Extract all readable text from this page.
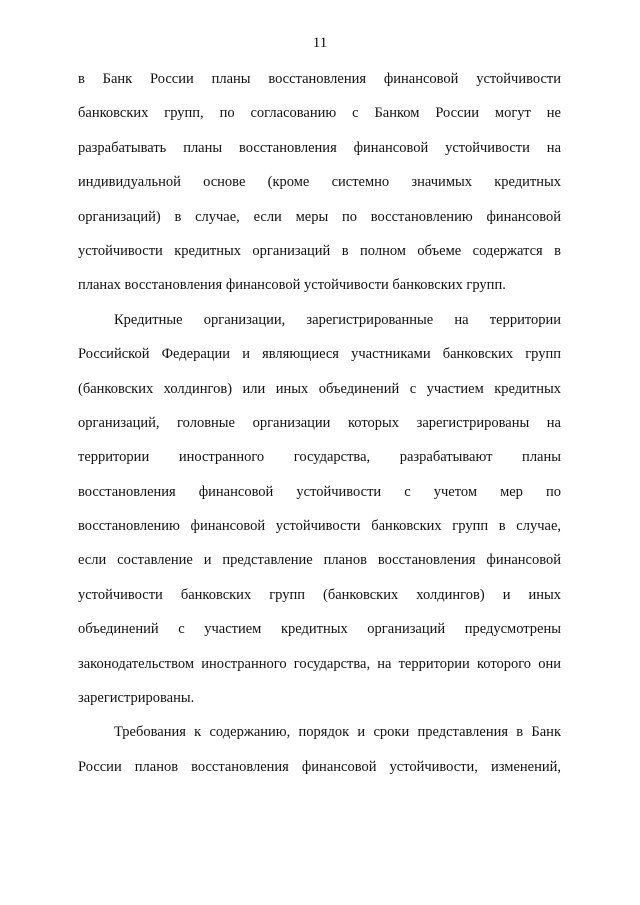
11
в Банк России планы восстановления финансовой устойчивости
банковских групп, по согласованию с Банком России могут не
разрабатывать планы восстановления финансовой устойчивости на
индивидуальной основе (кроме системно значимых кредитных
организаций) в случае, если меры по восстановлению финансовой
устойчивости кредитных организаций в полном объеме содержатся в
планах восстановления финансовой устойчивости банковских групп.
Кредитные организации, зарегистрированные на территории
Российской Федерации и являющиеся участниками банковских групп
(банковских холдингов) или иных объединений с участием кредитных
организаций, головные организации которых зарегистрированы на
территории иностранного государства, разрабатывают планы
восстановления финансовой устойчивости с учетом мер по
восстановлению финансовой устойчивости банковских групп в случае,
если составление и представление планов восстановления финансовой
устойчивости банковских групп (банковских холдингов) и иных
объединений с участием кредитных организаций предусмотрены
законодательством иностранного государства, на территории которого они
зарегистрированы.
Требования к содержанию, порядок и сроки представления в Банк
России планов восстановления финансовой устойчивости, изменений,
